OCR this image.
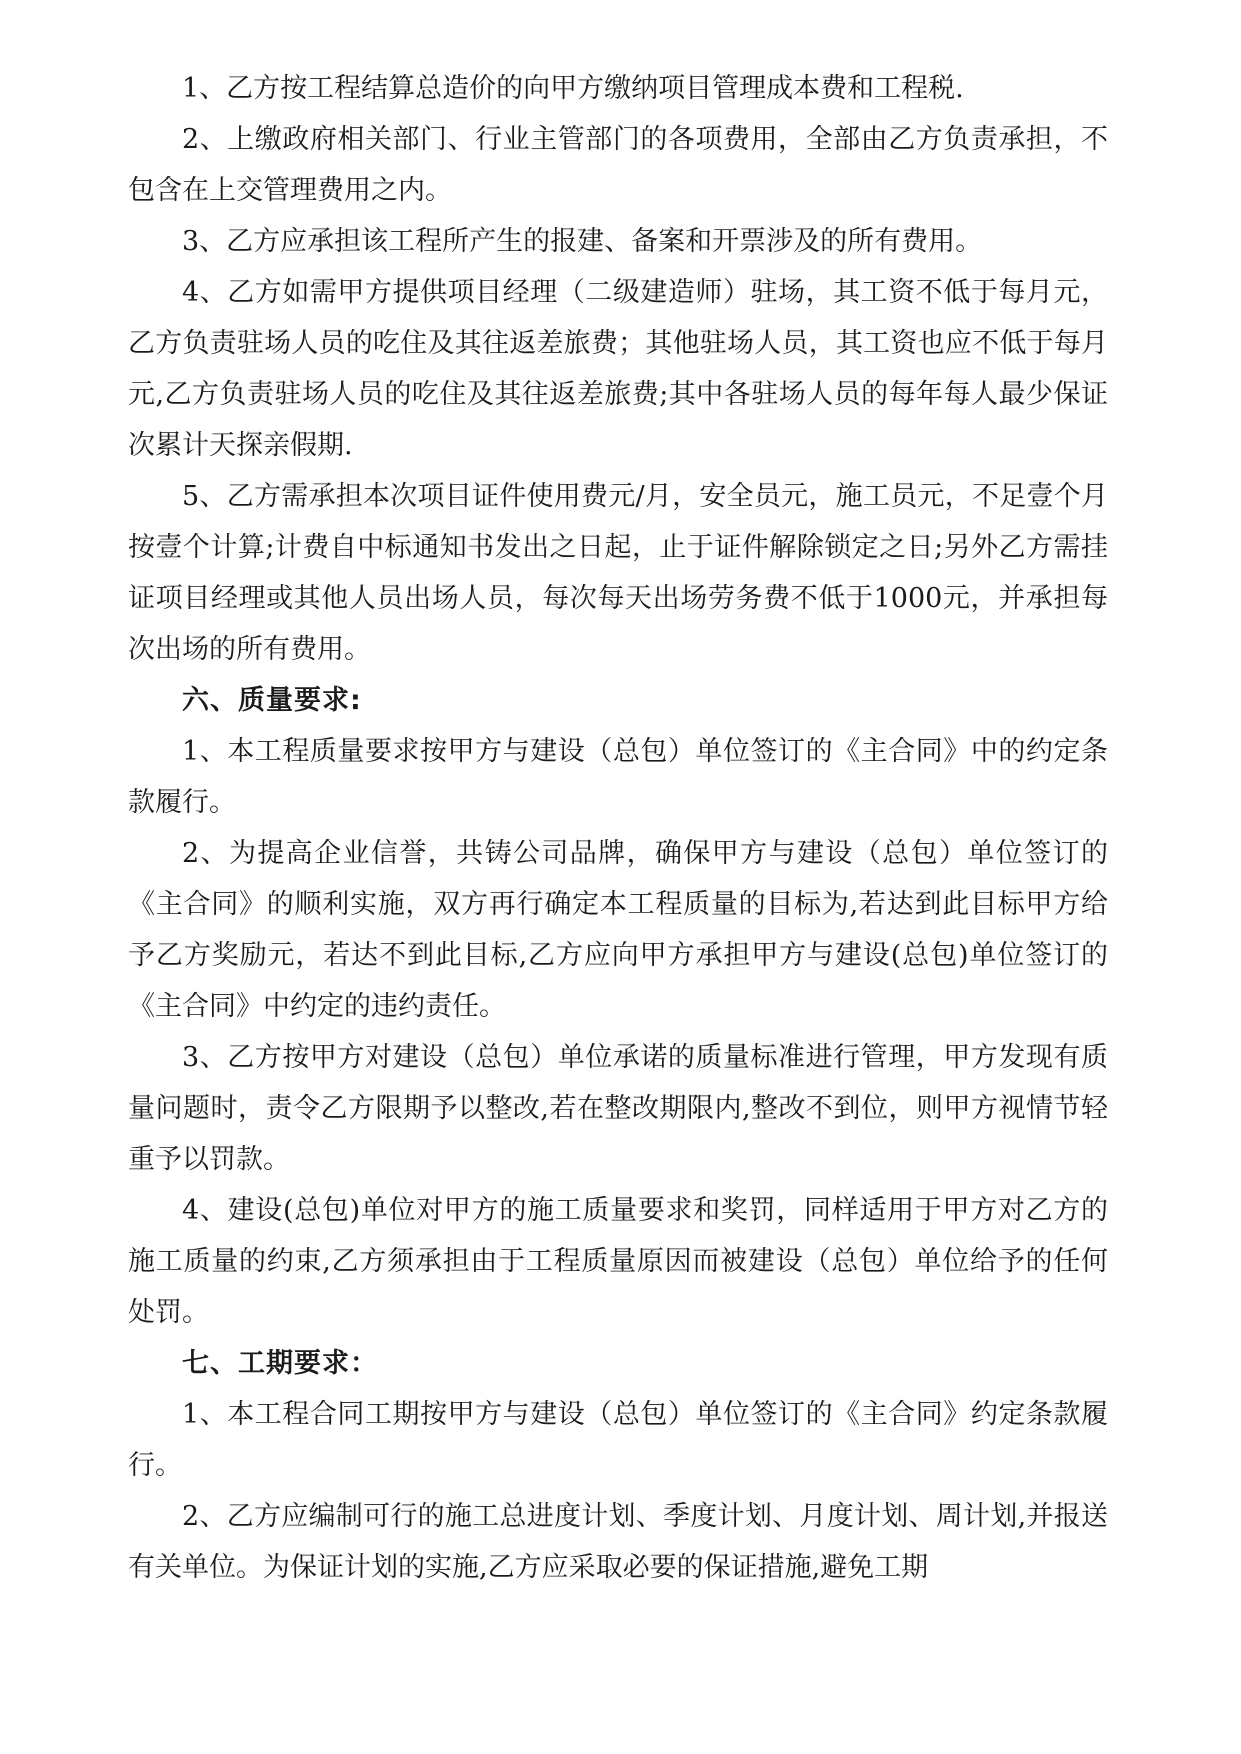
1、乙方按工程结算总造价的向甲方缴纳项目管理成本费和工程税.

2、上缴政府相关部门、行业主管部门的各项费用，全部由乙方负责承担，不包含在上交管理费用之内。

3、乙方应承担该工程所产生的报建、备案和开票涉及的所有费用。

4、乙方如需甲方提供项目经理（二级建造师）驻场，其工资不低于每月元，乙方负责驻场人员的吃住及其往返差旅费；其他驻场人员，其工资也应不低于每月元,乙方负责驻场人员的吃住及其往返差旅费;其中各驻场人员的每年每人最少保证次累计天探亲假期.

5、乙方需承担本次项目证件使用费元/月，安全员元，施工员元，不足壹个月按壹个计算;计费自中标通知书发出之日起，止于证件解除锁定之日;另外乙方需挂证项目经理或其他人员出场人员，每次每天出场劳务费不低于1000元，并承担每次出场的所有费用。

六、质量要求:

1、本工程质量要求按甲方与建设（总包）单位签订的《主合同》中的约定条款履行。

2、为提高企业信誉，共铸公司品牌，确保甲方与建设（总包）单位签订的《主合同》的顺利实施，双方再行确定本工程质量的目标为,若达到此目标甲方给予乙方奖励元，若达不到此目标,乙方应向甲方承担甲方与建设(总包)单位签订的《主合同》中约定的违约责任。

3、乙方按甲方对建设（总包）单位承诺的质量标准进行管理，甲方发现有质量问题时，责令乙方限期予以整改,若在整改期限内,整改不到位，则甲方视情节轻重予以罚款。

4、建设(总包)单位对甲方的施工质量要求和奖罚，同样适用于甲方对乙方的施工质量的约束,乙方须承担由于工程质量原因而被建设（总包）单位给予的任何处罚。

七、工期要求：

1、本工程合同工期按甲方与建设（总包）单位签订的《主合同》约定条款履行。

2、乙方应编制可行的施工总进度计划、季度计划、月度计划、周计划,并报送有关单位。为保证计划的实施,乙方应采取必要的保证措施,避免工期
